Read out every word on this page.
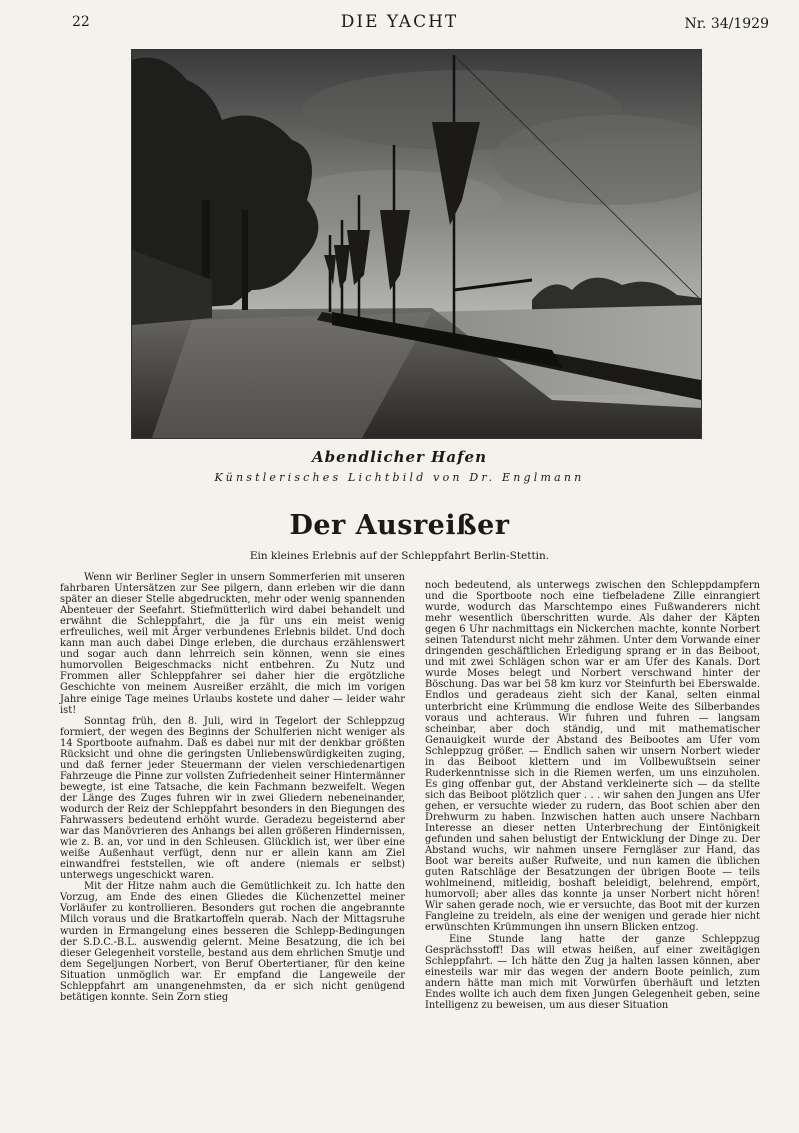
22	DIE YACHT	Nr. 34/1929
Abendlicher Hafen
Künstlerisches Lichtbild von Dr. Englmann
Der Ausreißer
Ein kleines Erlebnis auf der Schleppfahrt Berlin-Stettin.

Wenn wir Berliner Segler in unsern Sommerferien mit unseren fahrbaren Untersätzen zur See pilgern, dann erleben wir die dann später an dieser Stelle abgedruckten, mehr oder wenig spannenden Abenteuer der Seefahrt. Stiefmütterlich wird dabei behandelt und erwähnt die Schleppfahrt, die ja für uns ein meist wenig erfreuliches, weil mit Ärger verbundenes Erlebnis bildet. Und doch kann man auch dabei Dinge erleben, die durchaus erzählenswert und sogar auch dann lehrreich sein können, wenn sie eines humorvollen Beigeschmacks nicht entbehren. Zu Nutz und Frommen aller Schleppfahrer sei daher hier die ergötzliche Geschichte von meinem Ausreißer erzählt, die mich im vorigen Jahre einige Tage meines Urlaubs kostete und daher — leider wahr ist!

Sonntag früh, den 8. Juli, wird in Tegelort der Schleppzug formiert, der wegen des Beginns der Schulferien nicht weniger als 14 Sportboote aufnahm. Daß es dabei nur mit der denkbar größten Rücksicht und ohne die geringsten Unliebenswürdigkeiten zuging, und daß ferner jeder Steuermann der vielen verschiedenartigen Fahrzeuge die Pinne zur vollsten Zufriedenheit seiner Hintermänner bewegte, ist eine Tatsache, die kein Fachmann bezweifelt. Wegen der Länge des Zuges fuhren wir in zwei Gliedern nebeneinander, wodurch der Reiz der Schleppfahrt besonders in den Biegungen des Fahrwassers bedeutend erhöht wurde. Geradezu begeisternd aber war das Manövrieren des Anhangs bei allen größeren Hindernissen, wie z. B. an, vor und in den Schleusen. Glücklich ist, wer über eine weiße Außenhaut verfügt, denn nur er allein kann am Ziel einwandfrei feststellen, wie oft andere (niemals er selbst) unterwegs ungeschickt waren.

Mit der Hitze nahm auch die Gemütlichkeit zu. Ich hatte den Vorzug, am Ende des einen Gliedes die Küchenzettel meiner Vorläufer zu kontrollieren. Besonders gut rochen die angebrannte Milch voraus und die Bratkartoffeln querab. Nach der Mittagsruhe wurden in Ermangelung eines besseren die Schlepp-Bedingungen der S.D.C.-B.L. auswendig gelernt. Meine Besatzung, die ich bei dieser Gelegenheit vorstelle, bestand aus dem ehrlichen Smutje und dem Segeljungen Norbert, von Beruf Obertertianer, für den keine Situation unmöglich war. Er empfand die Langeweile der Schleppfahrt am unangenehmsten, da er sich nicht genügend betätigen konnte. Sein Zorn stieg

noch bedeutend, als unterwegs zwischen den Schleppdampfern und die Sportboote noch eine tiefbeladene Zille einrangiert wurde, wodurch das Marschtempo eines Fußwanderers nicht mehr wesentlich überschritten wurde. Als daher der Käpten gegen 6 Uhr nachmittags ein Nickerchen machte, konnte Norbert seinen Tatendurst nicht mehr zähmen. Unter dem Vorwande einer dringenden geschäftlichen Erledigung sprang er in das Beiboot, und mit zwei Schlägen schon war er am Ufer des Kanals. Dort wurde Moses belegt und Norbert verschwand hinter der Böschung. Das war bei 58 km kurz vor Steinfurth bei Eberswalde. Endlos und geradeaus zieht sich der Kanal, selten einmal unterbricht eine Krümmung die endlose Weite des Silberbandes voraus und achteraus. Wir fuhren und fuhren — langsam scheinbar, aber doch ständig, und mit mathematischer Genauigkeit wurde der Abstand des Beibootes am Ufer vom Schleppzug größer. — Endlich sahen wir unsern Norbert wieder in das Beiboot klettern und im Vollbewußtsein seiner Ruderkenntnisse sich in die Riemen werfen, um uns einzuholen. Es ging offenbar gut, der Abstand verkleinerte sich — da stellte sich das Beiboot plötzlich quer . . . wir sahen den Jungen ans Ufer gehen, er versuchte wieder zu rudern, das Boot schien aber den Drehwurm zu haben. Inzwischen hatten auch unsere Nachbarn Interesse an dieser netten Unterbrechung der Eintönigkeit gefunden und sahen belustigt der Entwicklung der Dinge zu. Der Abstand wuchs, wir nahmen unsere Ferngläser zur Hand, das Boot war bereits außer Rufweite, und nun kamen die üblichen guten Ratschläge der Besatzungen der übrigen Boote — teils wohlmeinend, mitleidig, boshaft beleidigt, belehrend, empört, humorvoll; aber alles das konnte ja unser Norbert nicht hören! Wir sahen gerade noch, wie er versuchte, das Boot mit der kurzen Fangleine zu treideln, als eine der wenigen und gerade hier nicht erwünschten Krümmungen ihn unsern Blicken entzog.

Eine Stunde lang hatte der ganze Schleppzug Gesprächsstoff! Das will etwas heißen, auf einer zweitägigen Schleppfahrt. — Ich hätte den Zug ja halten lassen können, aber einesteils war mir das wegen der andern Boote peinlich, zum andern hätte man mich mit Vorwürfen überhäuft und letzten Endes wollte ich auch dem fixen Jungen Gelegenheit geben, seine Intelligenz zu beweisen, um aus dieser Situation
